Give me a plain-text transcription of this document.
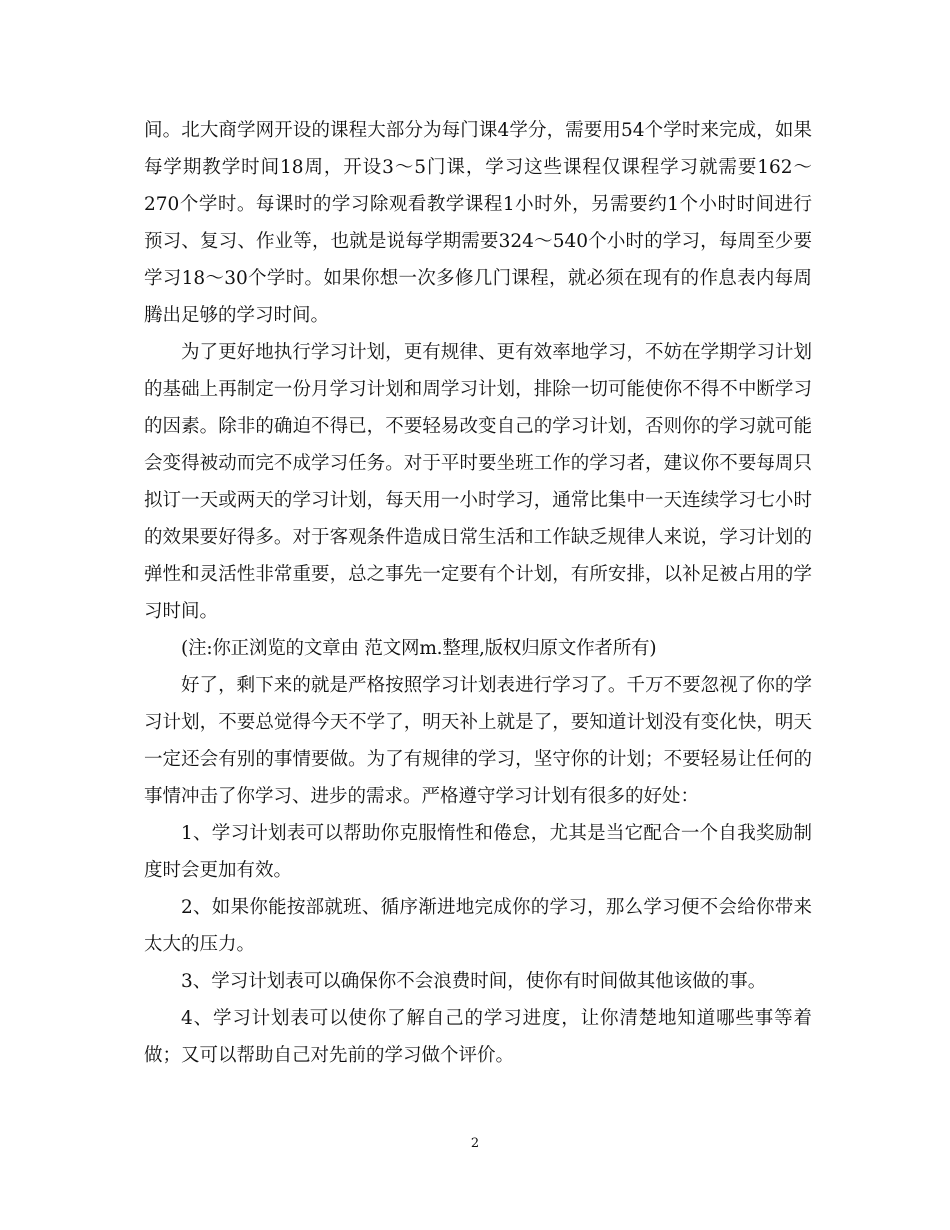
间。北大商学网开设的课程大部分为每门课4学分，需要用54个学时来完成，如果每学期教学时间18周，开设3～5门课，学习这些课程仅课程学习就需要162～270个学时。每课时的学习除观看教学课程1小时外，另需要约1个小时时间进行预习、复习、作业等，也就是说每学期需要324～540个小时的学习，每周至少要学习18～30个学时。如果你想一次多修几门课程，就必须在现有的作息表内每周腾出足够的学习时间。

为了更好地执行学习计划，更有规律、更有效率地学习，不妨在学期学习计划的基础上再制定一份月学习计划和周学习计划，排除一切可能使你不得不中断学习的因素。除非的确迫不得已，不要轻易改变自己的学习计划，否则你的学习就可能会变得被动而完不成学习任务。对于平时要坐班工作的学习者，建议你不要每周只拟订一天或两天的学习计划，每天用一小时学习，通常比集中一天连续学习七小时的效果要好得多。对于客观条件造成日常生活和工作缺乏规律人来说，学习计划的弹性和灵活性非常重要，总之事先一定要有个计划，有所安排，以补足被占用的学习时间。

(注:你正浏览的文章由 范文网m.整理,版权归原文作者所有)

好了，剩下来的就是严格按照学习计划表进行学习了。千万不要忽视了你的学习计划，不要总觉得今天不学了，明天补上就是了，要知道计划没有变化快，明天一定还会有别的事情要做。为了有规律的学习，坚守你的计划；不要轻易让任何的事情冲击了你学习、进步的需求。严格遵守学习计划有很多的好处：

1、学习计划表可以帮助你克服惰性和倦怠，尤其是当它配合一个自我奖励制度时会更加有效。

2、如果你能按部就班、循序渐进地完成你的学习，那么学习便不会给你带来太大的压力。

3、学习计划表可以确保你不会浪费时间，使你有时间做其他该做的事。

4、学习计划表可以使你了解自己的学习进度，让你清楚地知道哪些事等着做；又可以帮助自己对先前的学习做个评价。

2
